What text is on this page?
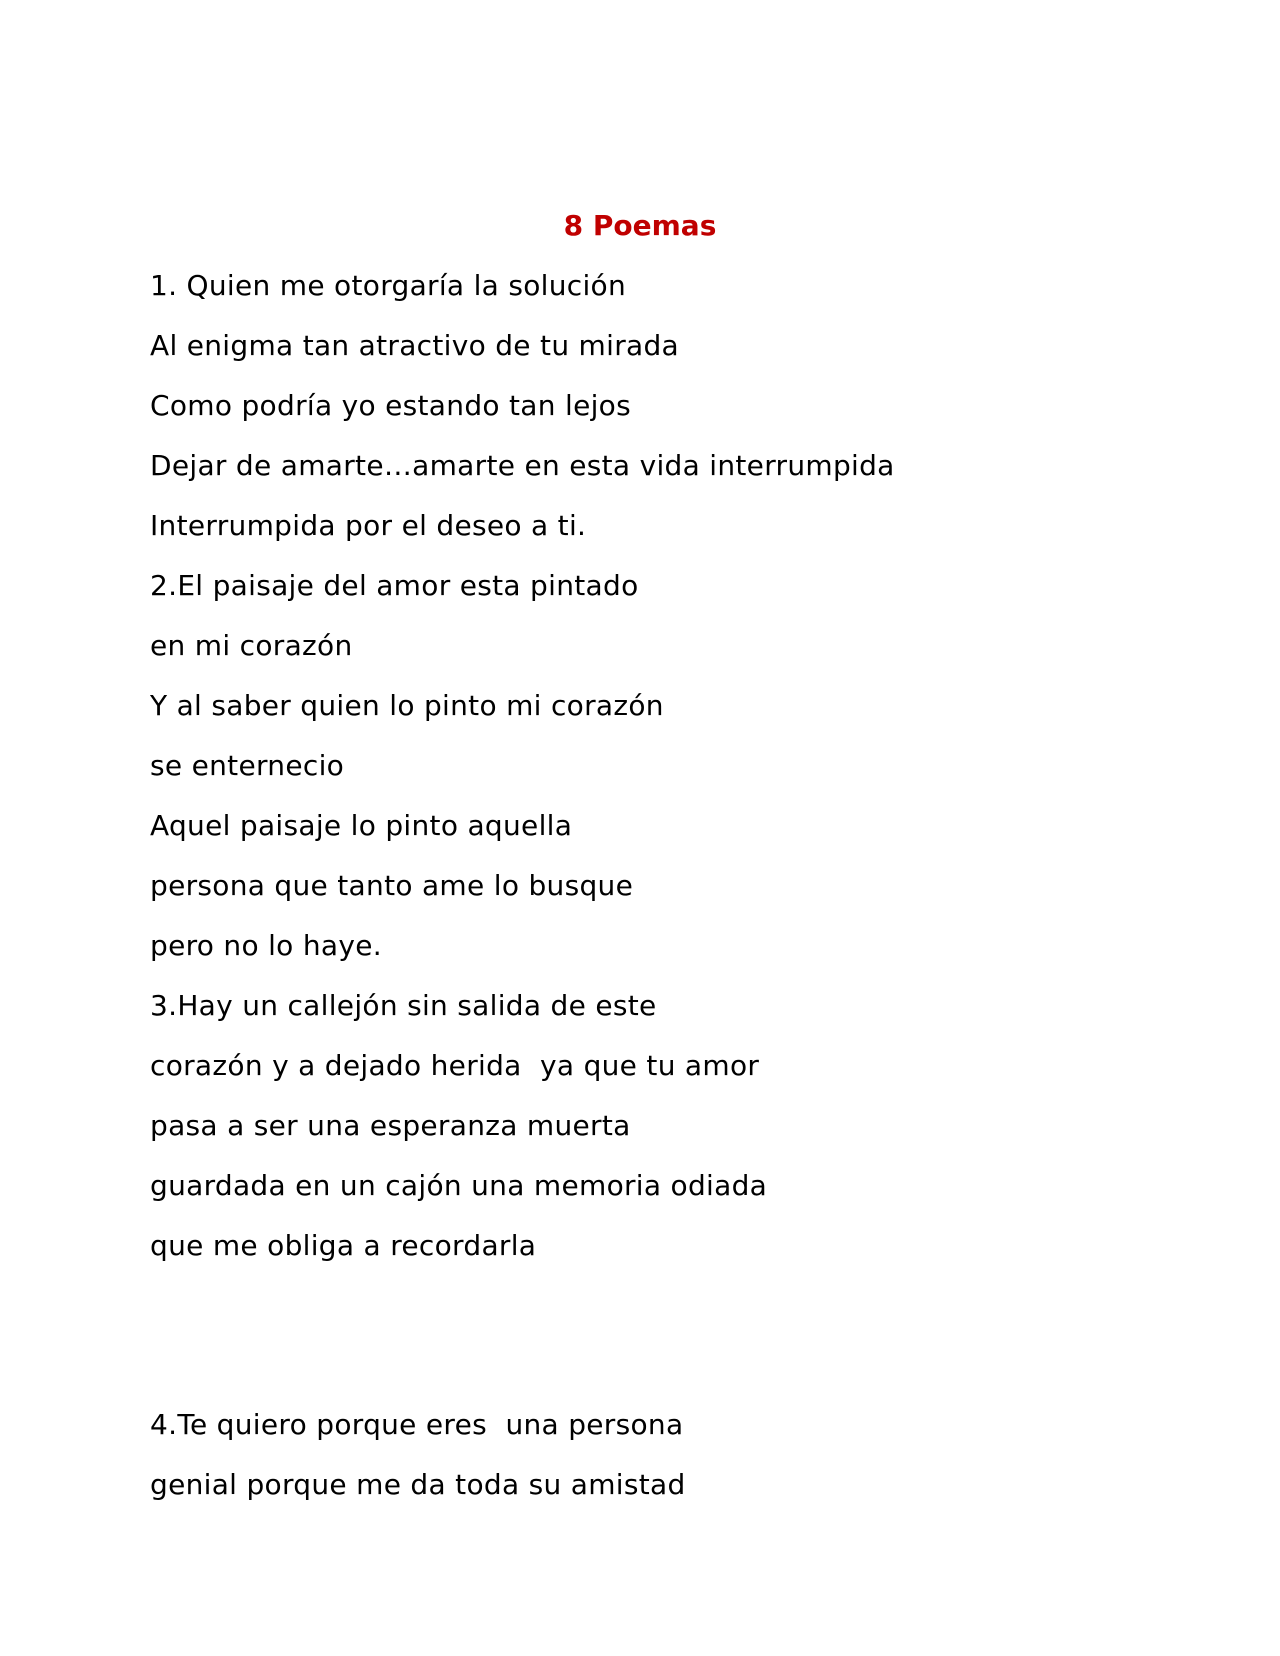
8 Poemas
1. Quien me otorgaría la solución
Al enigma tan atractivo de tu mirada
Como podría yo estando tan lejos
Dejar de amarte…amarte en esta vida interrumpida
Interrumpida por el deseo a ti.
2.El paisaje del amor esta pintado
en mi corazón
Y al saber quien lo pinto mi corazón
se enternecio
Aquel paisaje lo pinto aquella
persona que tanto ame lo busque
pero no lo haye.
3.Hay un callejón sin salida de este
corazón y a dejado herida  ya que tu amor
pasa a ser una esperanza muerta
guardada en un cajón una memoria odiada
que me obliga a recordarla
4.Te quiero porque eres  una persona
genial porque me da toda su amistad
